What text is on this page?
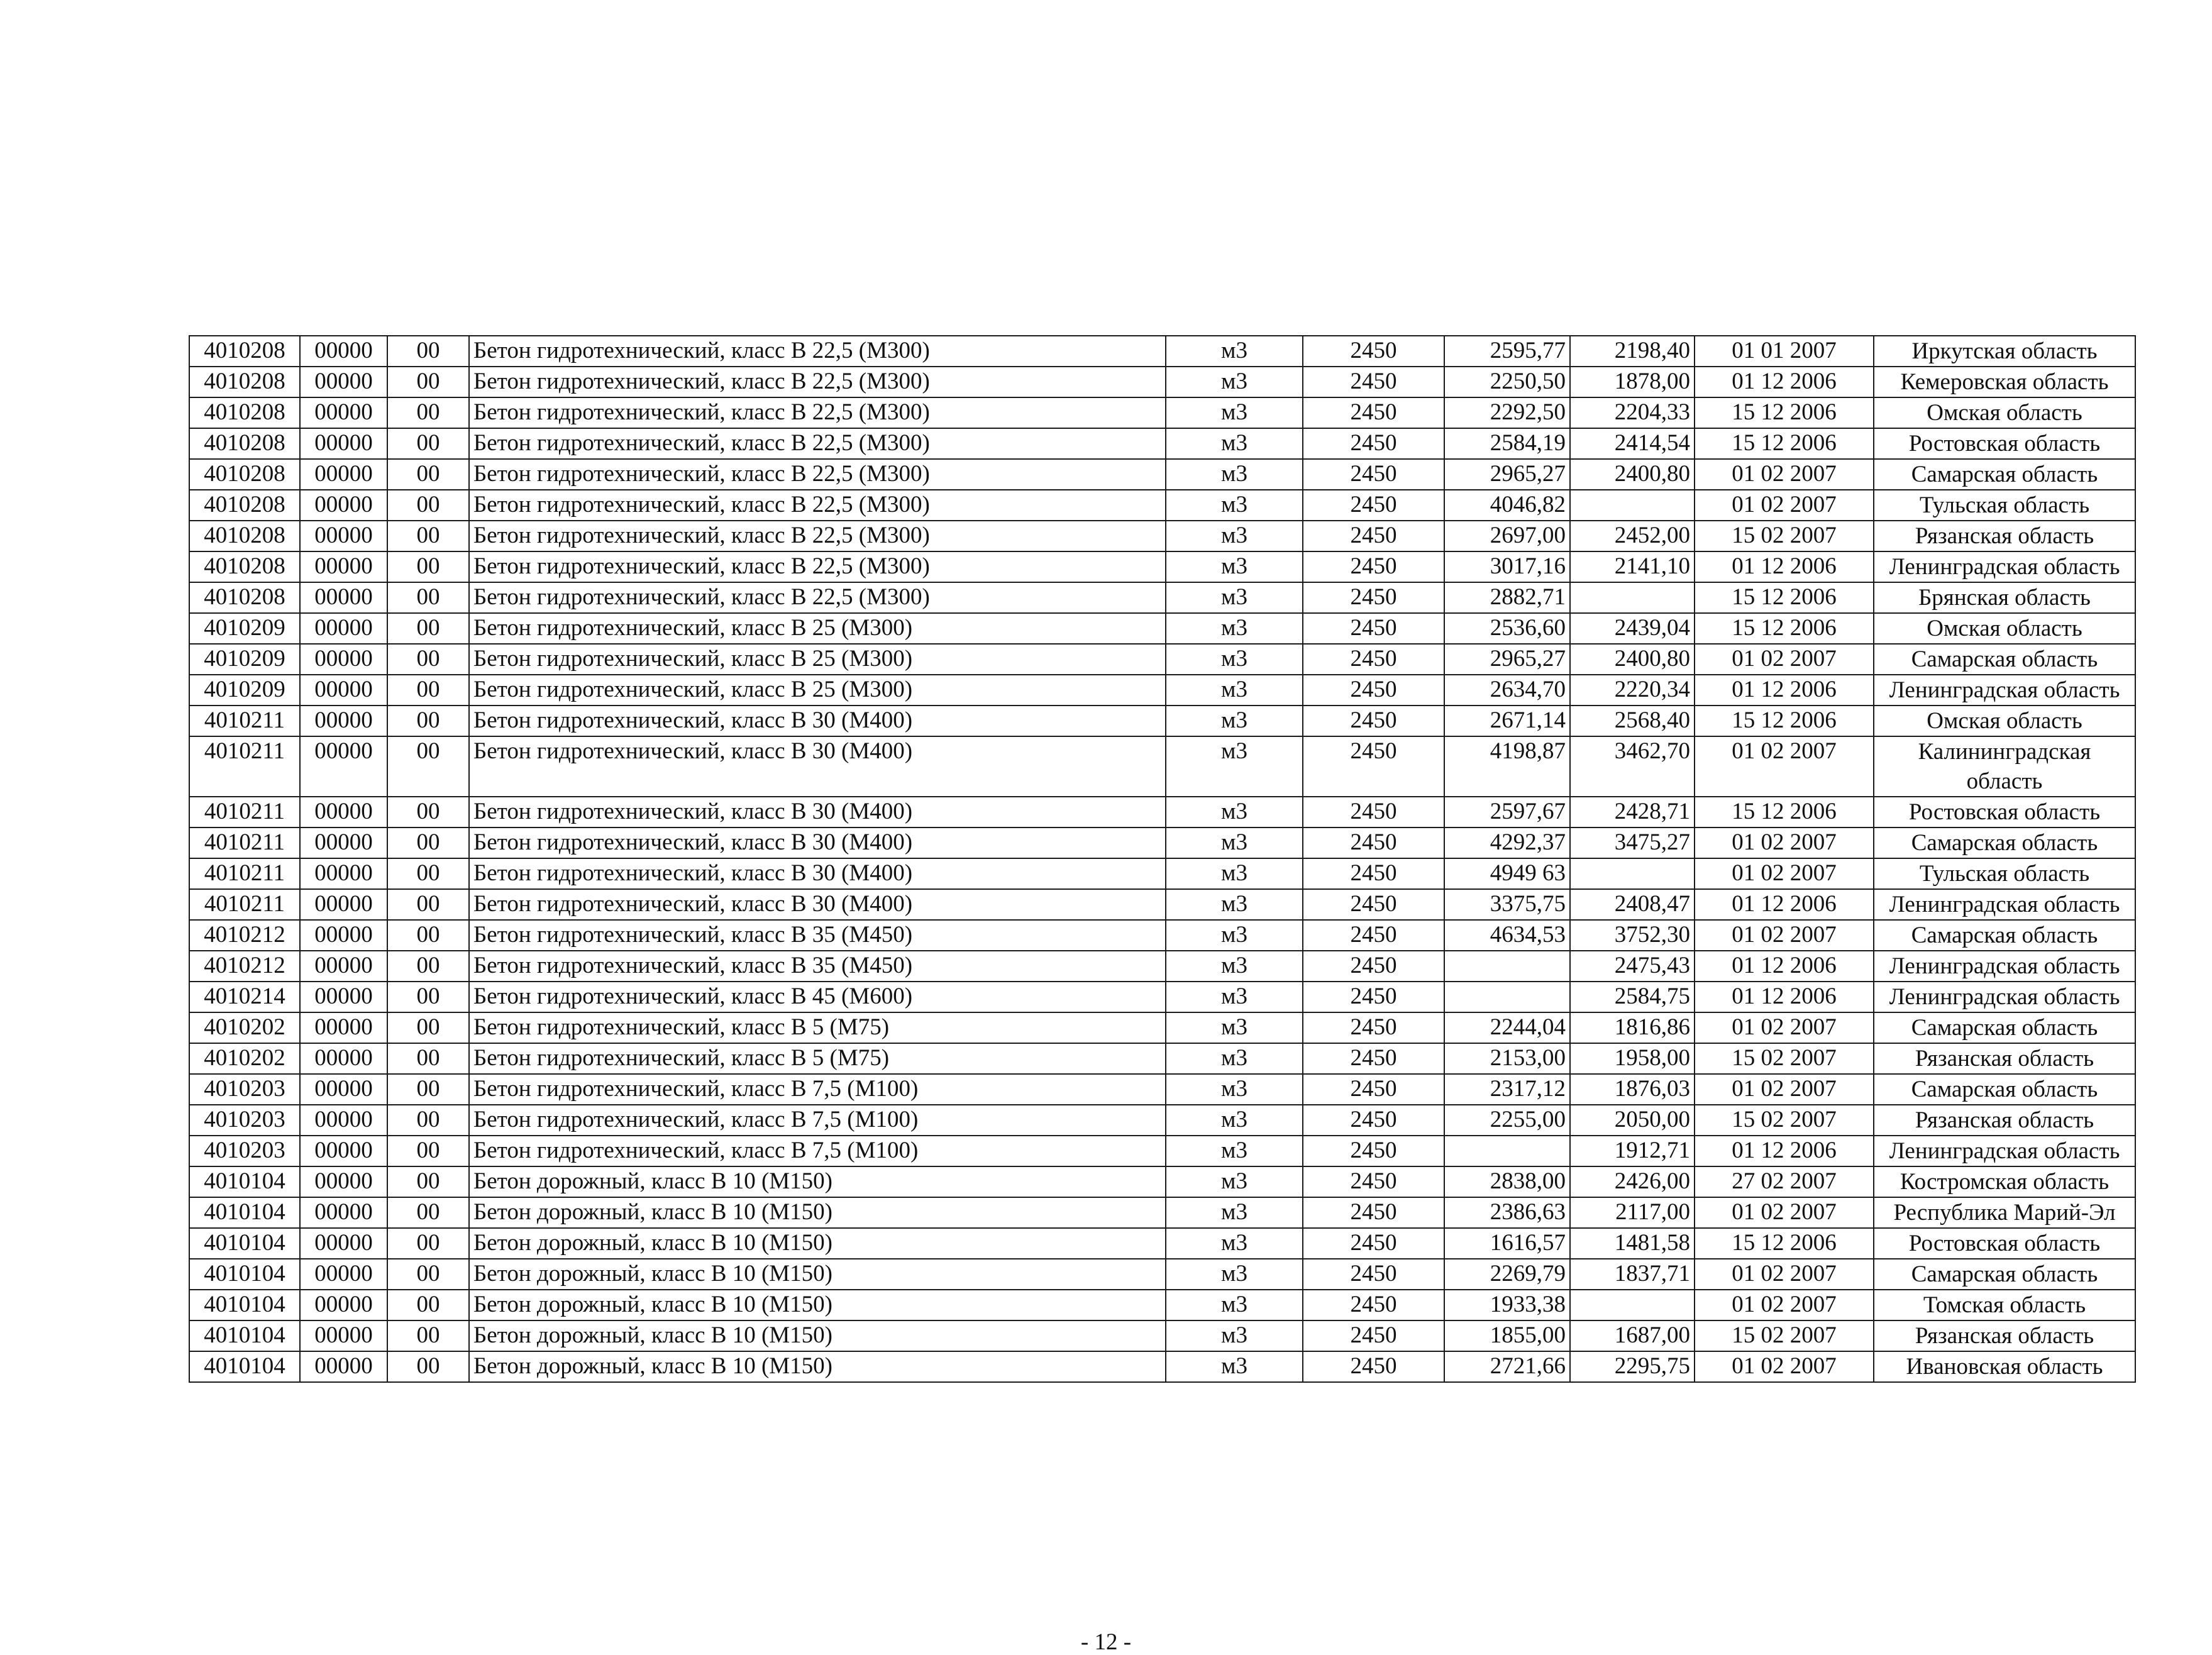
4010208	00000	00	Бетон гидротехнический, класс В 22,5 (М300)	м3	2450	2595,77	2198,40	01 01 2007	Иркутская область
4010208	00000	00	Бетон гидротехнический, класс В 22,5 (М300)	м3	2450	2250,50	1878,00	01 12 2006	Кемеровская область
4010208	00000	00	Бетон гидротехнический, класс В 22,5 (М300)	м3	2450	2292,50	2204,33	15 12 2006	Омская область
4010208	00000	00	Бетон гидротехнический, класс В 22,5 (М300)	м3	2450	2584,19	2414,54	15 12 2006	Ростовская область
4010208	00000	00	Бетон гидротехнический, класс В 22,5 (М300)	м3	2450	2965,27	2400,80	01 02 2007	Самарская область
4010208	00000	00	Бетон гидротехнический, класс В 22,5 (М300)	м3	2450	4046,82		01 02 2007	Тульская область
4010208	00000	00	Бетон гидротехнический, класс В 22,5 (М300)	м3	2450	2697,00	2452,00	15 02 2007	Рязанская область
4010208	00000	00	Бетон гидротехнический, класс В 22,5 (М300)	м3	2450	3017,16	2141,10	01 12 2006	Ленинградская область
4010208	00000	00	Бетон гидротехнический, класс В 22,5 (М300)	м3	2450	2882,71		15 12 2006	Брянская область
4010209	00000	00	Бетон гидротехнический, класс В 25 (М300)	м3	2450	2536,60	2439,04	15 12 2006	Омская область
4010209	00000	00	Бетон гидротехнический, класс В 25 (М300)	м3	2450	2965,27	2400,80	01 02 2007	Самарская область
4010209	00000	00	Бетон гидротехнический, класс В 25 (М300)	м3	2450	2634,70	2220,34	01 12 2006	Ленинградская область
4010211	00000	00	Бетон гидротехнический, класс В 30 (М400)	м3	2450	2671,14	2568,40	15 12 2006	Омская область
4010211	00000	00	Бетон гидротехнический, класс В 30 (М400)	м3	2450	4198,87	3462,70	01 02 2007	Калининградская область
4010211	00000	00	Бетон гидротехнический, класс В 30 (М400)	м3	2450	2597,67	2428,71	15 12 2006	Ростовская область
4010211	00000	00	Бетон гидротехнический, класс В 30 (М400)	м3	2450	4292,37	3475,27	01 02 2007	Самарская область
4010211	00000	00	Бетон гидротехнический, класс В 30 (М400)	м3	2450	4949 63		01 02 2007	Тульская область
4010211	00000	00	Бетон гидротехнический, класс В 30 (М400)	м3	2450	3375,75	2408,47	01 12 2006	Ленинградская область
4010212	00000	00	Бетон гидротехнический, класс В 35 (М450)	м3	2450	4634,53	3752,30	01 02 2007	Самарская область
4010212	00000	00	Бетон гидротехнический, класс В 35 (М450)	м3	2450		2475,43	01 12 2006	Ленинградская область
4010214	00000	00	Бетон гидротехнический, класс В 45 (М600)	м3	2450		2584,75	01 12 2006	Ленинградская область
4010202	00000	00	Бетон гидротехнический, класс В 5 (М75)	м3	2450	2244,04	1816,86	01 02 2007	Самарская область
4010202	00000	00	Бетон гидротехнический, класс В 5 (М75)	м3	2450	2153,00	1958,00	15 02 2007	Рязанская область
4010203	00000	00	Бетон гидротехнический, класс В 7,5 (М100)	м3	2450	2317,12	1876,03	01 02 2007	Самарская область
4010203	00000	00	Бетон гидротехнический, класс В 7,5 (М100)	м3	2450	2255,00	2050,00	15 02 2007	Рязанская область
4010203	00000	00	Бетон гидротехнический, класс В 7,5 (М100)	м3	2450		1912,71	01 12 2006	Ленинградская область
4010104	00000	00	Бетон дорожный, класс В 10 (М150)	м3	2450	2838,00	2426,00	27 02 2007	Костромская область
4010104	00000	00	Бетон дорожный, класс В 10 (М150)	м3	2450	2386,63	2117,00	01 02 2007	Республика Марий-Эл
4010104	00000	00	Бетон дорожный, класс В 10 (М150)	м3	2450	1616,57	1481,58	15 12 2006	Ростовская область
4010104	00000	00	Бетон дорожный, класс В 10 (М150)	м3	2450	2269,79	1837,71	01 02 2007	Самарская область
4010104	00000	00	Бетон дорожный, класс В 10 (М150)	м3	2450	1933,38		01 02 2007	Томская область
4010104	00000	00	Бетон дорожный, класс В 10 (М150)	м3	2450	1855,00	1687,00	15 02 2007	Рязанская область
4010104	00000	00	Бетон дорожный, класс В 10 (М150)	м3	2450	2721,66	2295,75	01 02 2007	Ивановская область
- 12 -
